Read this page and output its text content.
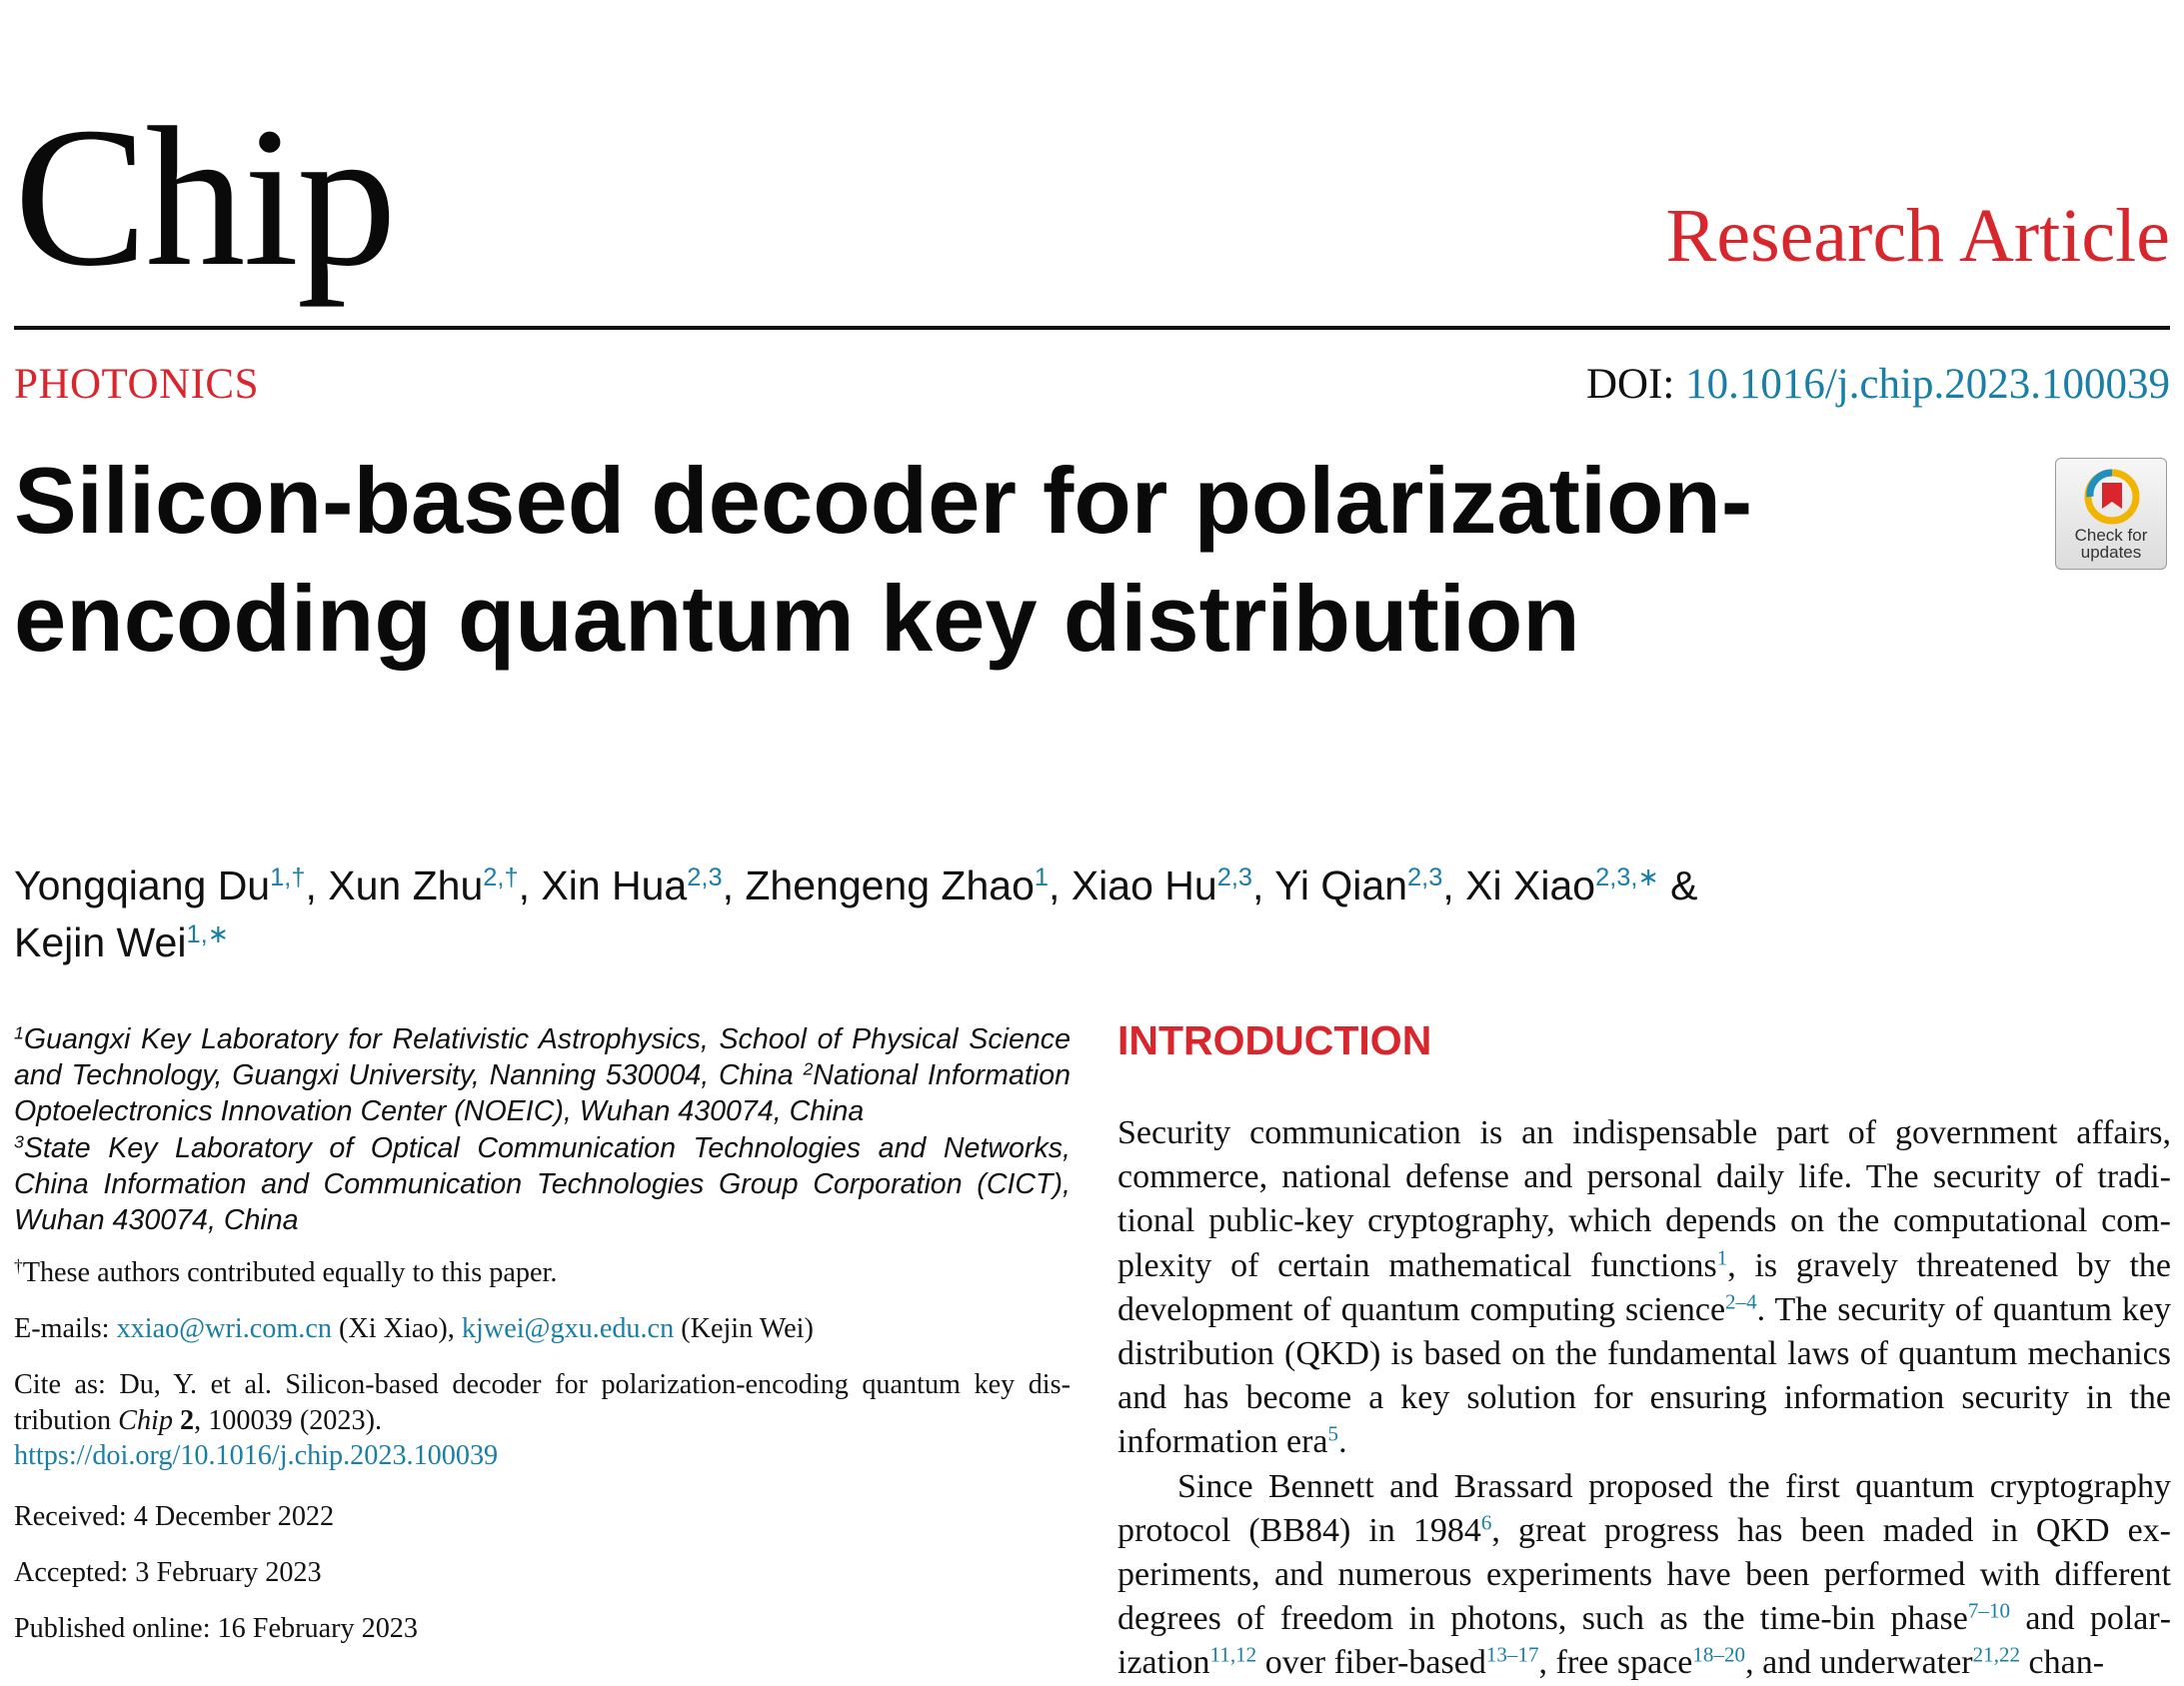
Chip	Research Article
PHOTONICS	DOI: 10.1016/j.chip.2023.100039
Silicon-based decoder for polarization-encoding quantum key distribution
Check for
updates
Yongqiang $Du^{1,\dagger}$, Xun Zhu$^{2,\dagger}$, Xin Hua$^{2,3}$, Zhengeng Zhao$^1$, Xiao Hu$^{2,3}$, Yi Qian$^{2,3}$, Xi Xiao$^{2,3,∗}$ &
Kejin Wei$^{1,∗}$
$^1$Guangxi Key Laboratory for Relativistic Astrophysics, School of Physical Science and Technology, Guangxi University, Nanning 530004, China $^2$National Information Optoelectronics Innovation Center (NOEIC), Wuhan 430074, China
$^3$State Key Laboratory of Optical Communication Technologies and Networks, China Information and Communication Technologies Group Corporation (CICT), Wuhan 430074, China
†These authors contributed equally to this paper.
E-mails: xxiao@wri.com.cn (Xi Xiao), kjwei@gxu.edu.cn (Kejin Wei)
Cite as: Du, Y. et al. Silicon-based decoder for polarization-encoding quantum key distribution Chip 2, 100039 (2023).
https://doi.org/10.1016/j.chip.2023.100039
Received: 4 December 2022
Accepted: 3 February 2023
Published online: 16 February 2023
INTRODUCTION

Security communication is an indispensable part of government affairs, commerce, national defense and personal daily life. The security of traditional public-key cryptography, which depends on the computational complexity of certain mathematical functions$^1$, is gravely threatened by the development of quantum computing science$^{2-4}$. The security of quantum key distribution (QKD) is based on the fundamental laws of quantum mechanics and has become a key solution for ensuring information security in the information era$^5$.

Since Bennett and Brassard proposed the first quantum cryptography protocol (BB84) in 1984$^6$, great progress has been maded in QKD experiments, and numerous experiments have been performed with different degrees of freedom in photons, such as the time-bin phase$^{7-10}$ and polarization$^{11,12}$ over fiber-based$^{13-17}$, free space$^{18-20}$, and underwater$^{21,22}$ chan-
